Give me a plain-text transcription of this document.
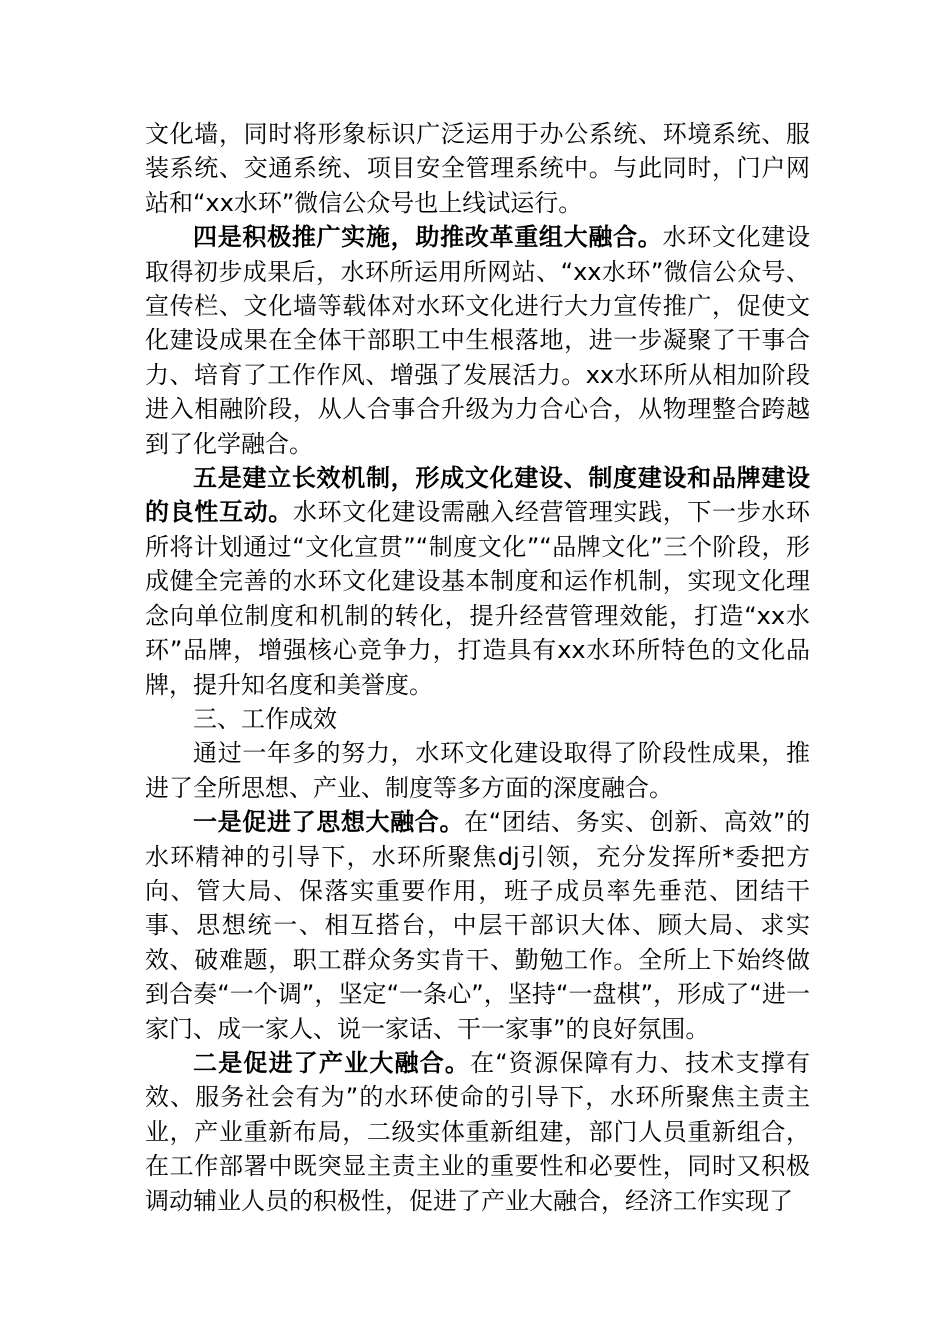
文化墙，同时将形象标识广泛运用于办公系统、环境系统、服装系统、交通系统、项目安全管理系统中。与此同时，门户网站和“xx水环”微信公众号也上线试运行。

四是积极推广实施，助推改革重组大融合。水环文化建设取得初步成果后，水环所运用所网站、“xx水环”微信公众号、宣传栏、文化墙等载体对水环文化进行大力宣传推广，促使文化建设成果在全体干部职工中生根落地，进一步凝聚了干事合力、培育了工作作风、增强了发展活力。xx水环所从相加阶段进入相融阶段，从人合事合升级为力合心合，从物理整合跨越到了化学融合。

五是建立长效机制，形成文化建设、制度建设和品牌建设的良性互动。水环文化建设需融入经营管理实践，下一步水环所将计划通过“文化宣贯”“制度文化”“品牌文化”三个阶段，形成健全完善的水环文化建设基本制度和运作机制，实现文化理念向单位制度和机制的转化，提升经营管理效能，打造“xx水环”品牌，增强核心竞争力，打造具有xx水环所特色的文化品牌，提升知名度和美誉度。

三、工作成效

通过一年多的努力，水环文化建设取得了阶段性成果，推进了全所思想、产业、制度等多方面的深度融合。

一是促进了思想大融合。在“团结、务实、创新、高效”的水环精神的引导下，水环所聚焦dj引领，充分发挥所*委把方向、管大局、保落实重要作用，班子成员率先垂范、团结干事、思想统一、相互搭台，中层干部识大体、顾大局、求实效、破难题，职工群众务实肯干、勤勉工作。全所上下始终做到合奏“一个调”，坚定“一条心”，坚持“一盘棋”，形成了“进一家门、成一家人、说一家话、干一家事”的良好氛围。

二是促进了产业大融合。在“资源保障有力、技术支撑有效、服务社会有为”的水环使命的引导下，水环所聚焦主责主业，产业重新布局，二级实体重新组建，部门人员重新组合，在工作部署中既突显主责主业的重要性和必要性，同时又积极调动辅业人员的积极性，促进了产业大融合，经济工作实现了
